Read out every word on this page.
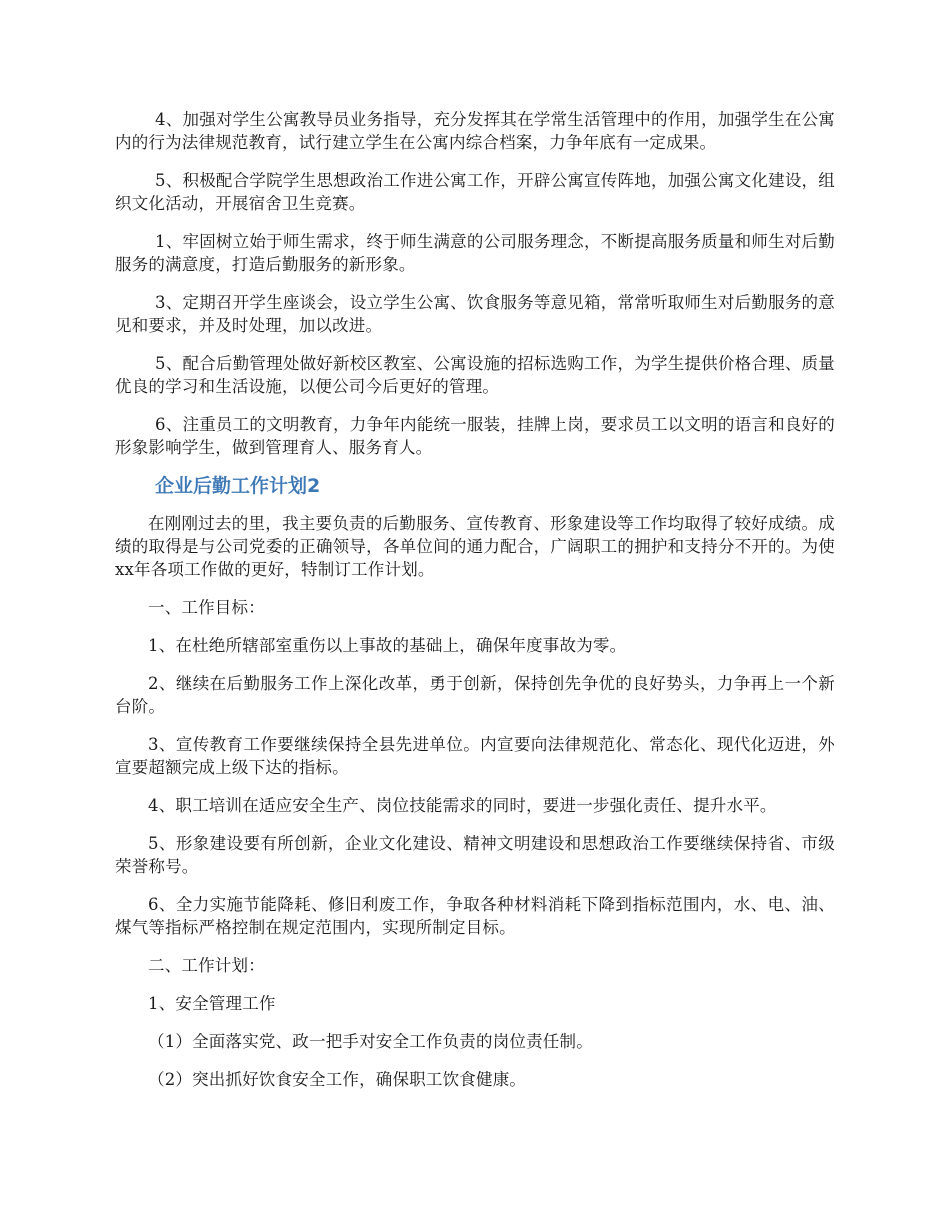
4、加强对学生公寓教导员业务指导，充分发挥其在学常生活管理中的作用，加强学生在公寓内的行为法律规范教育，试行建立学生在公寓内综合档案，力争年底有一定成果。

5、积极配合学院学生思想政治工作进公寓工作，开辟公寓宣传阵地，加强公寓文化建设，组织文化活动，开展宿舍卫生竞赛。

1、牢固树立始于师生需求，终于师生满意的公司服务理念，不断提高服务质量和师生对后勤服务的满意度，打造后勤服务的新形象。

3、定期召开学生座谈会，设立学生公寓、饮食服务等意见箱，常常听取师生对后勤服务的意见和要求，并及时处理，加以改进。

5、配合后勤管理处做好新校区教室、公寓设施的招标选购工作，为学生提供价格合理、质量优良的学习和生活设施，以便公司今后更好的管理。

6、注重员工的文明教育，力争年内能统一服装，挂牌上岗，要求员工以文明的语言和良好的形象影响学生，做到管理育人、服务育人。

企业后勤工作计划2

在刚刚过去的里，我主要负责的后勤服务、宣传教育、形象建设等工作均取得了较好成绩。成绩的取得是与公司党委的正确领导，各单位间的通力配合，广阔职工的拥护和支持分不开的。为使xx年各项工作做的更好，特制订工作计划。

一、工作目标：

1、在杜绝所辖部室重伤以上事故的基础上，确保年度事故为零。

2、继续在后勤服务工作上深化改革，勇于创新，保持创先争优的良好势头，力争再上一个新台阶。

3、宣传教育工作要继续保持全县先进单位。内宣要向法律规范化、常态化、现代化迈进，外宣要超额完成上级下达的指标。

4、职工培训在适应安全生产、岗位技能需求的同时，要进一步强化责任、提升水平。

5、形象建设要有所创新，企业文化建设、精神文明建设和思想政治工作要继续保持省、市级荣誉称号。

6、全力实施节能降耗、修旧利废工作，争取各种材料消耗下降到指标范围内，水、电、油、煤气等指标严格控制在规定范围内，实现所制定目标。

二、工作计划：

1、安全管理工作

（1）全面落实党、政一把手对安全工作负责的岗位责任制。

（2）突出抓好饮食安全工作，确保职工饮食健康。
